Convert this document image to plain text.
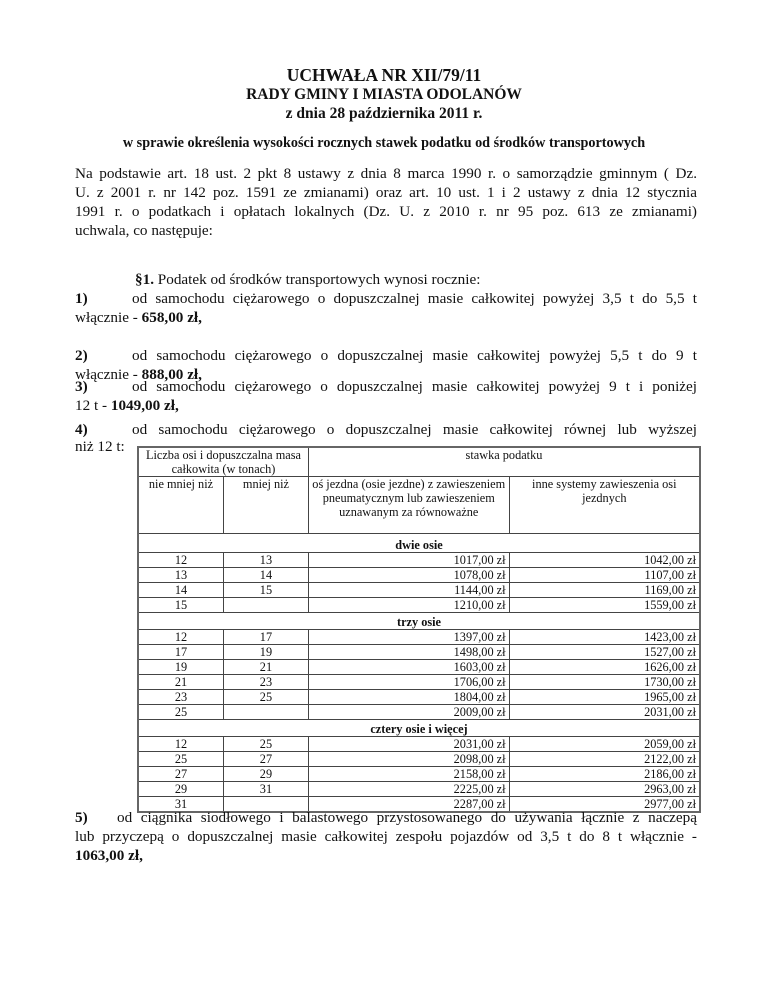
UCHWAŁA NR XII/79/11
RADY GMINY I MIASTA ODOLANÓW
z dnia 28 października 2011 r.
w sprawie określenia wysokości rocznych stawek podatku od środków transportowych
Na podstawie art. 18 ust. 2 pkt 8 ustawy z dnia 8 marca 1990 r. o samorządzie gminnym ( Dz.
U. z 2001 r. nr 142 poz. 1591 ze zmianami) oraz art. 10 ust. 1 i 2 ustawy z dnia 12 stycznia
1991 r. o podatkach i opłatach lokalnych (Dz. U. z 2010 r. nr 95 poz. 613 ze zmianami)
uchwala, co następuje:
§1. Podatek od środków transportowych wynosi rocznie:
1)	od samochodu ciężarowego o dopuszczalnej masie całkowitej powyżej 3,5 t do 5,5 t
włącznie - 658,00 zł,
2)	od samochodu ciężarowego o dopuszczalnej masie całkowitej powyżej 5,5 t do 9 t
włącznie - 888,00 zł,
3)	od samochodu ciężarowego o dopuszczalnej masie całkowitej powyżej 9 t i poniżej
12 t - 1049,00 zł,
4)	od samochodu ciężarowego o dopuszczalnej masie całkowitej równej lub wyższej
niż 12 t:	Liczba osi i dopuszczalna masa całkowita (w tonach)		stawka podatku	
nie mniej niż	mniej niż	oś jezdna (osie jezdne) z zawieszeniem pneumatycznym lub zawieszeniem uznawanym za równoważne	inne systemy zawieszenia osi jezdnych
dwie osie			
12	13	1017,00 zł	1042,00 zł
13	14	1078,00 zł	1107,00 zł
14	15	1144,00 zł	1169,00 zł
15		1210,00 zł	1559,00 zł
trzy osie			
12	17	1397,00 zł	1423,00 zł
17	19	1498,00 zł	1527,00 zł
19	21	1603,00 zł	1626,00 zł
21	23	1706,00 zł	1730,00 zł
23	25	1804,00 zł	1965,00 zł
25		2009,00 zł	2031,00 zł
cztery osie i więcej			
12	25	2031,00 zł	2059,00 zł
25	27	2098,00 zł	2122,00 zł
27	29	2158,00 zł	2186,00 zł
29	31	2225,00 zł	2963,00 zł
31		2287,00 zł	2977,00 zł
5) od ciągnika siodłowego i balastowego przystosowanego do używania łącznie z naczepą
lub przyczepą o dopuszczalnej masie całkowitej zespołu pojazdów od 3,5 t do 8 t włącznie -
1063,00 zł,
